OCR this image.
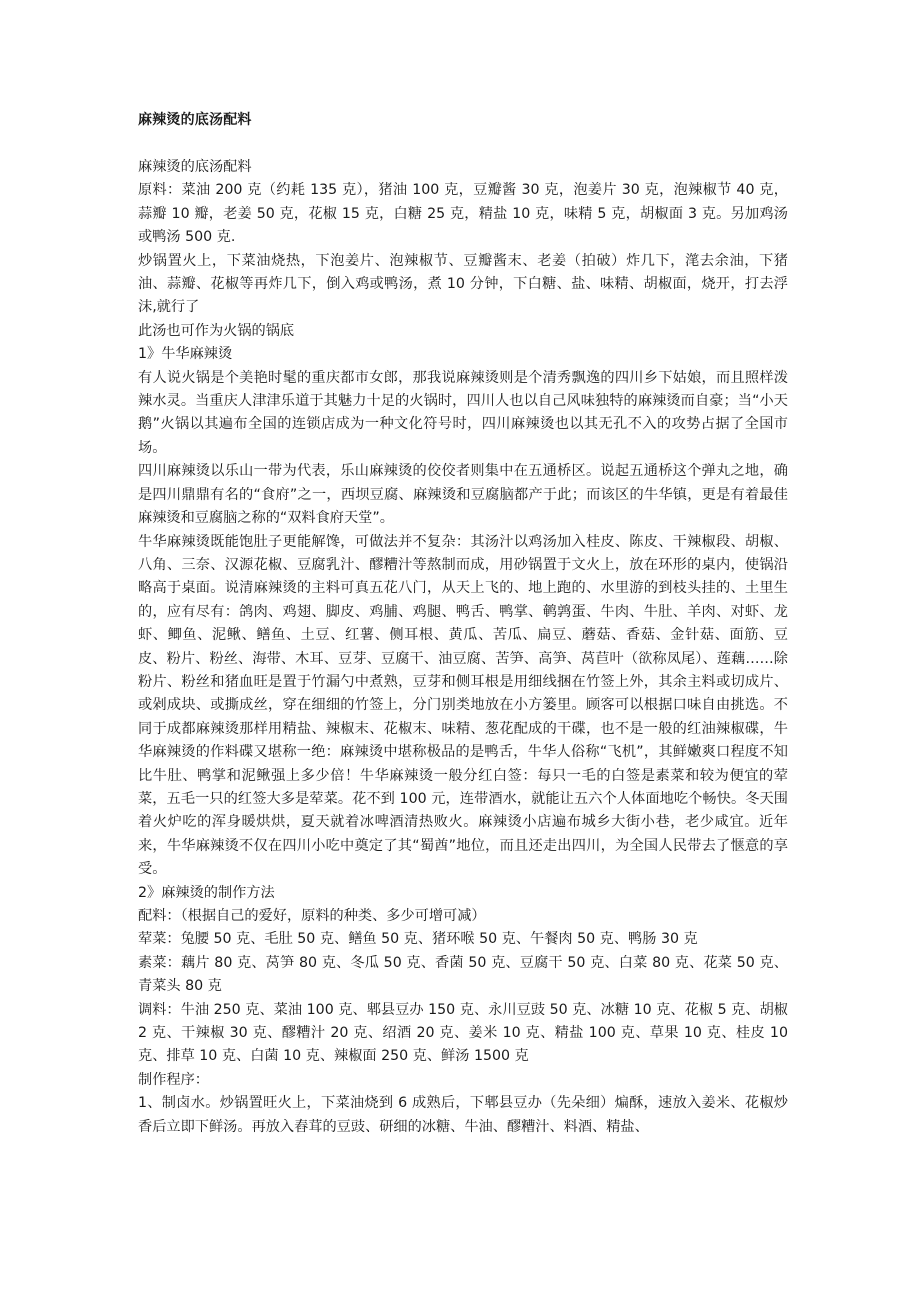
麻辣烫的底汤配料

麻辣烫的底汤配料

原料：菜油 200 克（约耗 135 克），猪油 100 克，豆瓣酱 30 克，泡姜片 30 克，泡辣椒节 40 克，蒜瓣 10 瓣，老姜 50 克，花椒 15 克，白糖 25 克，精盐 10 克，味精 5 克，胡椒面 3 克。另加鸡汤或鸭汤 500 克.

炒锅置火上，下菜油烧热，下泡姜片、泡辣椒节、豆瓣酱末、老姜（拍破）炸几下，滗去余油，下猪油、蒜瓣、花椒等再炸几下，倒入鸡或鸭汤，煮 10 分钟，下白糖、盐、味精、胡椒面，烧开，打去浮沫,就行了

此汤也可作为火锅的锅底

1》牛华麻辣烫

有人说火锅是个美艳时髦的重庆都市女郎，那我说麻辣烫则是个清秀飘逸的四川乡下姑娘，而且照样泼辣水灵。当重庆人津津乐道于其魅力十足的火锅时，四川人也以自己风味独特的麻辣烫而自豪；当“小天鹅”火锅以其遍布全国的连锁店成为一种文化符号时，四川麻辣烫也以其无孔不入的攻势占据了全国市场。

四川麻辣烫以乐山一带为代表，乐山麻辣烫的佼佼者则集中在五通桥区。说起五通桥这个弹丸之地，确是四川鼎鼎有名的“食府”之一，西坝豆腐、麻辣烫和豆腐脑都产于此；而该区的牛华镇，更是有着最佳麻辣烫和豆腐脑之称的“双料食府天堂”。

牛华麻辣烫既能饱肚子更能解馋，可做法并不复杂：其汤汁以鸡汤加入桂皮、陈皮、干辣椒段、胡椒、八角、三奈、汉源花椒、豆腐乳汁、醪糟汁等熬制而成，用砂锅置于文火上，放在环形的桌内，使锅沿略高于桌面。说清麻辣烫的主料可真五花八门，从天上飞的、地上跑的、水里游的到枝头挂的、土里生的，应有尽有：鸽肉、鸡翅、脚皮、鸡脯、鸡腿、鸭舌、鸭掌、鹌鹑蛋、牛肉、牛肚、羊肉、对虾、龙虾、鲫鱼、泥鳅、鳝鱼、土豆、红薯、侧耳根、黄瓜、苦瓜、扁豆、蘑菇、香菇、金针菇、面筋、豆皮、粉片、粉丝、海带、木耳、豆芽、豆腐干、油豆腐、苦笋、高笋、莴苣叶（欲称凤尾）、莲藕……除粉片、粉丝和猪血旺是置于竹漏勺中煮熟，豆芽和侧耳根是用细线捆在竹签上外，其余主料或切成片、或剁成块、或撕成丝，穿在细细的竹签上，分门别类地放在小方篓里。顾客可以根据口味自由挑选。不同于成都麻辣烫那样用精盐、辣椒末、花椒末、味精、葱花配成的干碟，也不是一般的红油辣椒碟，牛华麻辣烫的作料碟又堪称一绝：麻辣烫中堪称极品的是鸭舌，牛华人俗称“飞机”，其鲜嫩爽口程度不知比牛肚、鸭掌和泥鳅强上多少倍！牛华麻辣烫一般分红白签：每只一毛的白签是素菜和较为便宜的荤菜，五毛一只的红签大多是荤菜。花不到 100 元，连带酒水，就能让五六个人体面地吃个畅快。冬天围着火炉吃的浑身暖烘烘，夏天就着冰啤酒清热败火。麻辣烫小店遍布城乡大街小巷，老少咸宜。近年来，牛华麻辣烫不仅在四川小吃中奠定了其“蜀酋”地位，而且还走出四川，为全国人民带去了惬意的享受。

2》麻辣烫的制作方法

配料：（根据自己的爱好，原料的种类、多少可增可减）

荤菜：兔腰 50 克、毛肚 50 克、鳝鱼 50 克、猪环喉 50 克、午餐肉 50 克、鸭肠 30 克

素菜：藕片 80 克、莴笋 80 克、冬瓜 50 克、香菌 50 克、豆腐干 50 克、白菜 80 克、花菜 50 克、青菜头 80 克

调料：牛油 250 克、菜油 100 克、郫县豆办 150 克、永川豆豉 50 克、冰糖 10 克、花椒 5 克、胡椒 2 克、干辣椒 30 克、醪糟汁 20 克、绍酒 20 克、姜米 10 克、精盐 100 克、草果 10 克、桂皮 10 克、排草 10 克、白菌 10 克、辣椒面 250 克、鲜汤 1500 克

制作程序：

1、制卤水。炒锅置旺火上，下菜油烧到 6 成熟后，下郫县豆办（先朵细）煸酥，速放入姜米、花椒炒香后立即下鲜汤。再放入舂茸的豆豉、研细的冰糖、牛油、醪糟汁、料酒、精盐、
